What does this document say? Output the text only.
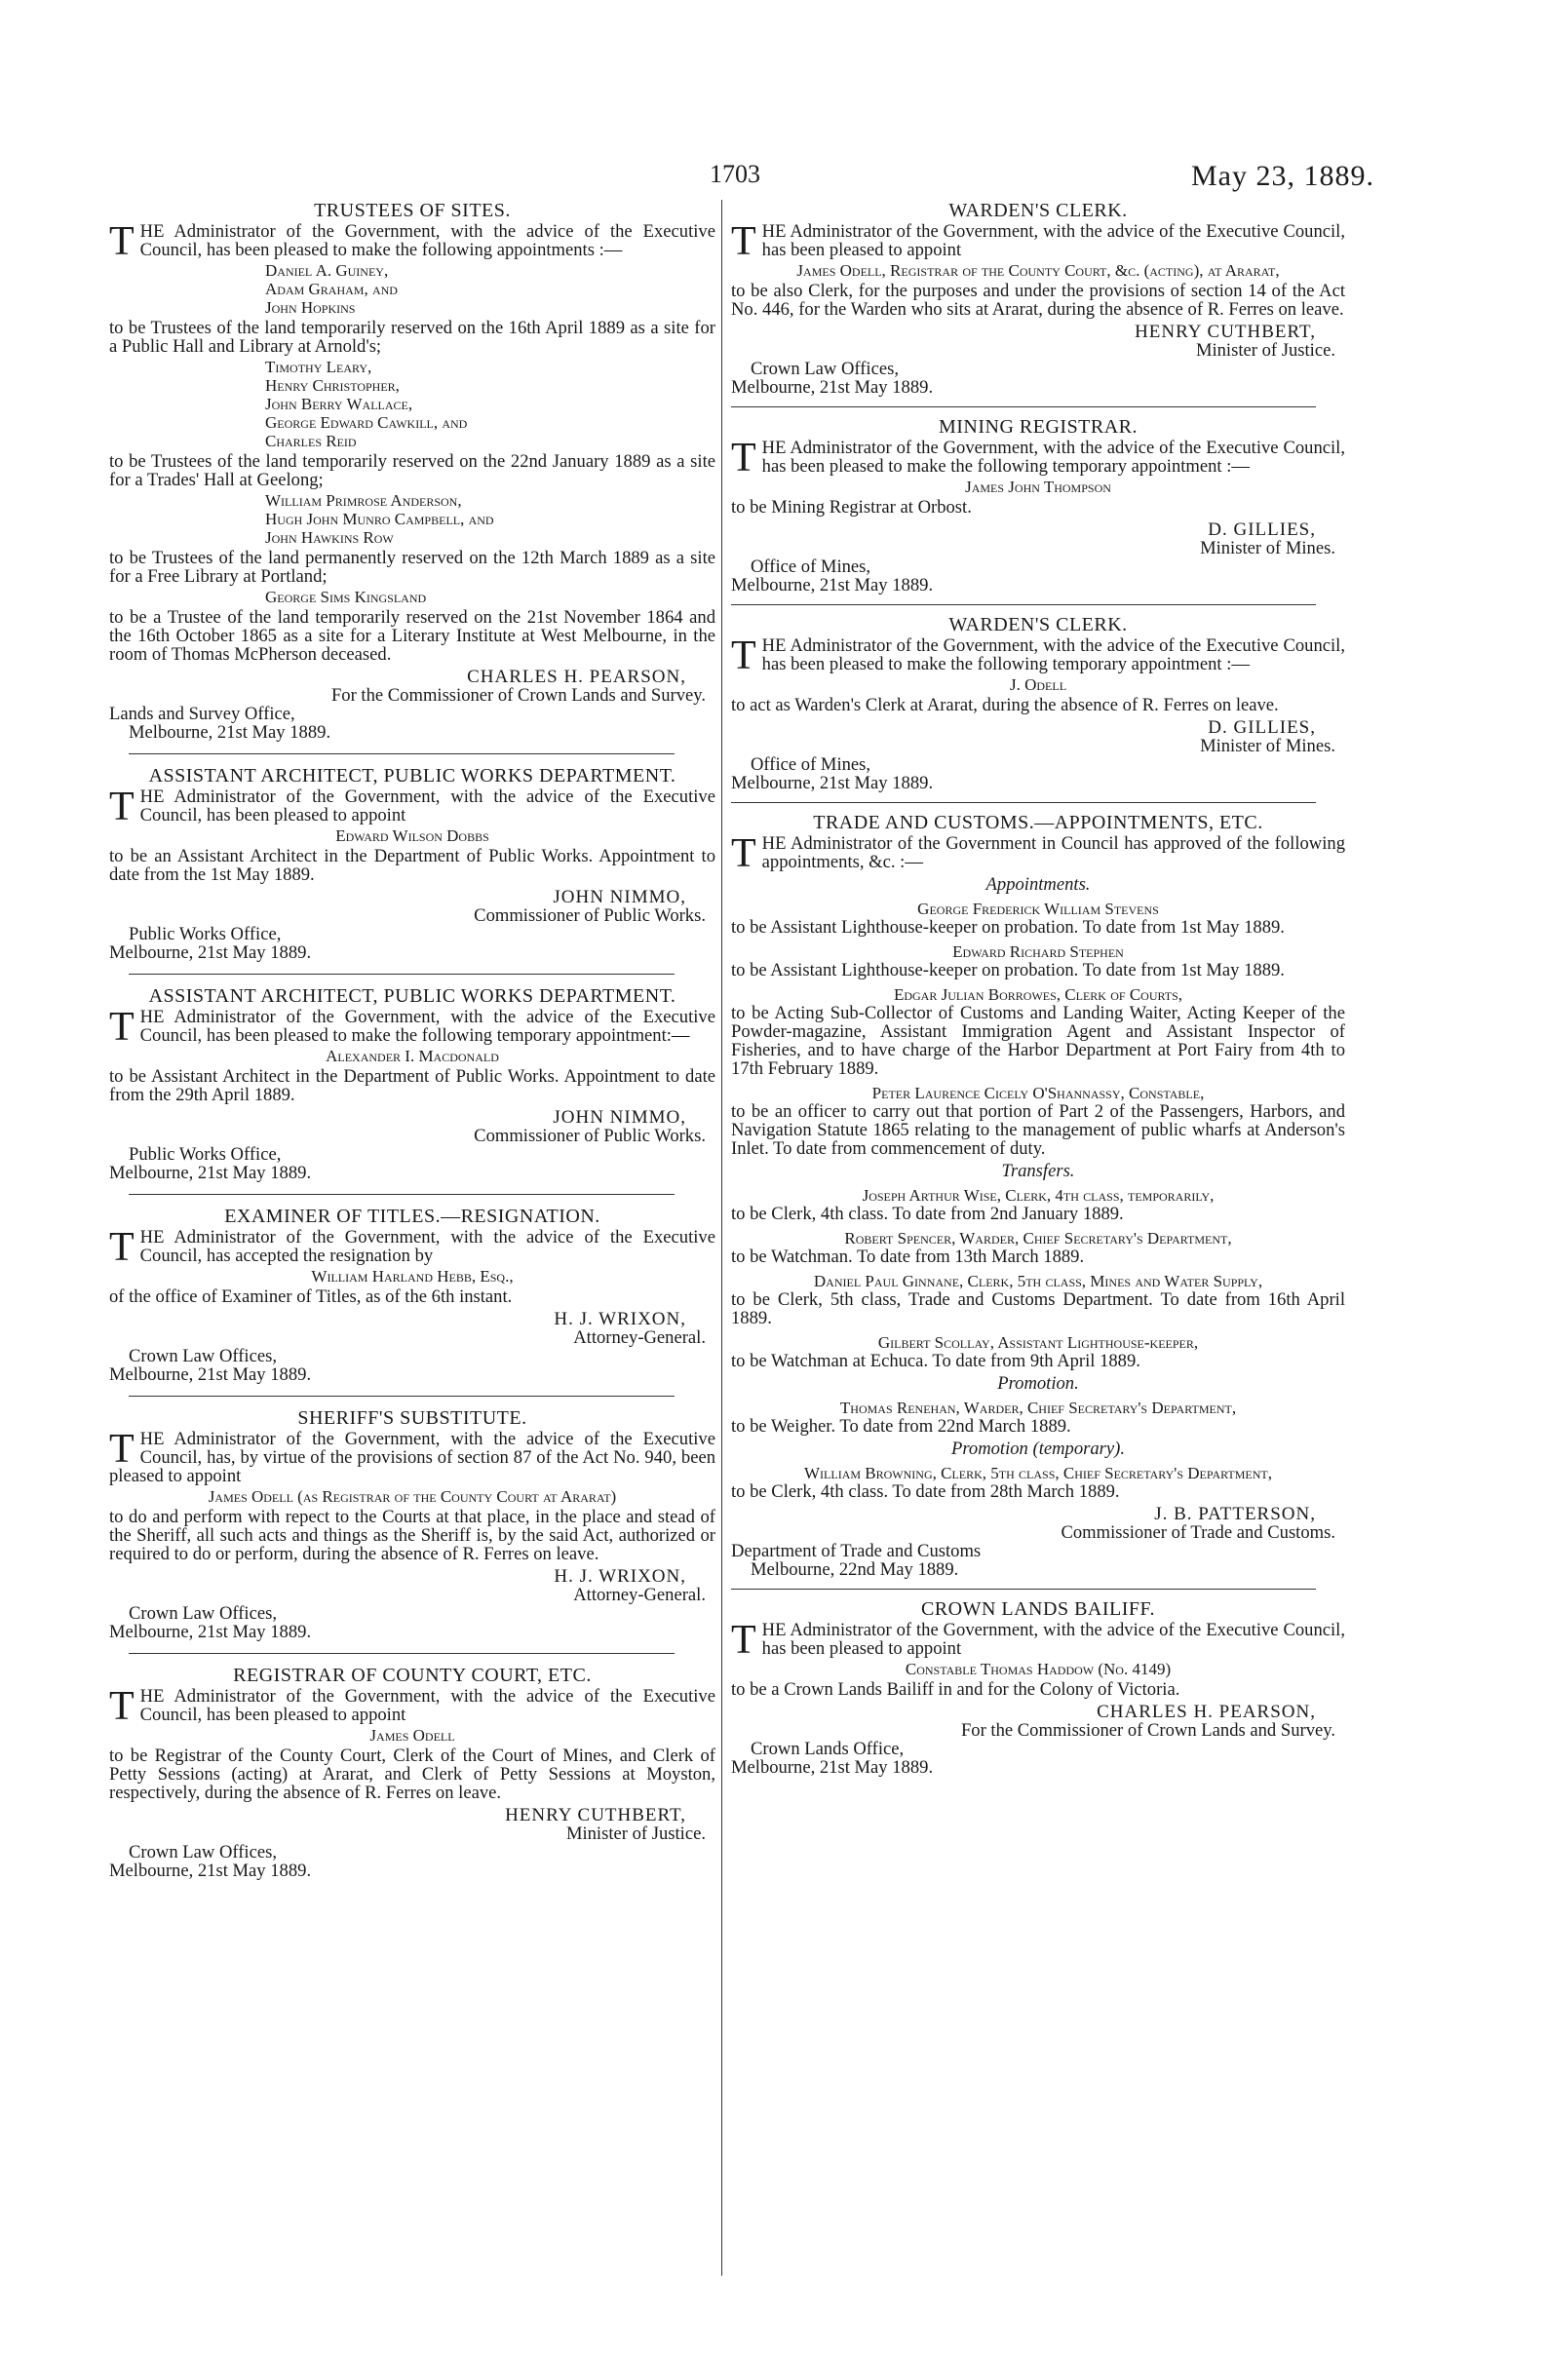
1703	May 23, 1889.
TRUSTEES OF SITES.
THE Administrator of the Government, with the advice of the Executive Council, has been pleased to make the following appointments :—
Daniel A. Guiney,
Adam Graham, and
John Hopkins
to be Trustees of the land temporarily reserved on the 16th April 1889 as a site for a Public Hall and Library at Arnold's;
Timothy Leary,
Henry Christopher,
John Berry Wallace,
George Edward Cawkill, and
Charles Reid
to be Trustees of the land temporarily reserved on the 22nd January 1889 as a site for a Trades' Hall at Geelong;
William Primrose Anderson,
Hugh John Munro Campbell, and
John Hawkins Row
to be Trustees of the land permanently reserved on the 12th March 1889 as a site for a Free Library at Portland;
George Sims Kingsland
to be a Trustee of the land temporarily reserved on the 21st November 1864 and the 16th October 1865 as a site for a Literary Institute at West Melbourne, in the room of Thomas McPherson deceased.
CHARLES H. PEARSON,
For the Commissioner of Crown Lands and Survey.
Lands and Survey Office,
Melbourne, 21st May 1889.
ASSISTANT ARCHITECT, PUBLIC WORKS DEPARTMENT.
THE Administrator of the Government, with the advice of the Executive Council, has been pleased to appoint
Edward Wilson Dobbs
to be an Assistant Architect in the Department of Public Works. Appointment to date from the 1st May 1889.
JOHN NIMMO,
Commissioner of Public Works.
Public Works Office,
Melbourne, 21st May 1889.
ASSISTANT ARCHITECT, PUBLIC WORKS DEPARTMENT.
THE Administrator of the Government, with the advice of the Executive Council, has been pleased to make the following temporary appointment:—
Alexander I. Macdonald
to be Assistant Architect in the Department of Public Works. Appointment to date from the 29th April 1889.
JOHN NIMMO,
Commissioner of Public Works.
Public Works Office,
Melbourne, 21st May 1889.
EXAMINER OF TITLES.—RESIGNATION.
THE Administrator of the Government, with the advice of the Executive Council, has accepted the resignation by
William Harland Hebb, Esq.,
of the office of Examiner of Titles, as of the 6th instant.
H. J. WRIXON,
Attorney-General.
Crown Law Offices,
Melbourne, 21st May 1889.
SHERIFF'S SUBSTITUTE.
THE Administrator of the Government, with the advice of the Executive Council, has, by virtue of the provisions of section 87 of the Act No. 940, been pleased to appoint
James Odell (as Registrar of the County Court at Ararat)
to do and perform with repect to the Courts at that place, in the place and stead of the Sheriff, all such acts and things as the Sheriff is, by the said Act, authorized or required to do or perform, during the absence of R. Ferres on leave.
H. J. WRIXON,
Attorney-General.
Crown Law Offices,
Melbourne, 21st May 1889.
REGISTRAR OF COUNTY COURT, ETC.
THE Administrator of the Government, with the advice of the Executive Council, has been pleased to appoint
James Odell
to be Registrar of the County Court, Clerk of the Court of Mines, and Clerk of Petty Sessions (acting) at Ararat, and Clerk of Petty Sessions at Moyston, respectively, during the absence of R. Ferres on leave.
HENRY CUTHBERT,
Minister of Justice.
Crown Law Offices,
Melbourne, 21st May 1889.
WARDEN'S CLERK.
THE Administrator of the Government, with the advice of the Executive Council, has been pleased to appoint
James Odell, Registrar of the County Court, &c. (acting), at Ararat,
to be also Clerk, for the purposes and under the provisions of section 14 of the Act No. 446, for the Warden who sits at Ararat, during the absence of R. Ferres on leave.
HENRY CUTHBERT,
Minister of Justice.
Crown Law Offices,
Melbourne, 21st May 1889.
MINING REGISTRAR.
THE Administrator of the Government, with the advice of the Executive Council, has been pleased to make the following temporary appointment :—
James John Thompson
to be Mining Registrar at Orbost.
D. GILLIES,
Minister of Mines.
Office of Mines,
Melbourne, 21st May 1889.
WARDEN'S CLERK.
THE Administrator of the Government, with the advice of the Executive Council, has been pleased to make the following temporary appointment :—
J. Odell
to act as Warden's Clerk at Ararat, during the absence of R. Ferres on leave.
D. GILLIES,
Minister of Mines.
Office of Mines,
Melbourne, 21st May 1889.
TRADE AND CUSTOMS.—APPOINTMENTS, ETC.
THE Administrator of the Government in Council has approved of the following appointments, &c. :—
Appointments.
George Frederick William Stevens
to be Assistant Lighthouse-keeper on probation. To date from 1st May 1889.
Edward Richard Stephen
to be Assistant Lighthouse-keeper on probation. To date from 1st May 1889.
Edgar Julian Borrowes, Clerk of Courts,
to be Acting Sub-Collector of Customs and Landing Waiter, Acting Keeper of the Powder-magazine, Assistant Immigration Agent and Assistant Inspector of Fisheries, and to have charge of the Harbor Department at Port Fairy from 4th to 17th February 1889.
Peter Laurence Cicely O'Shannassy, Constable,
to be an officer to carry out that portion of Part 2 of the Passengers, Harbors, and Navigation Statute 1865 relating to the management of public wharfs at Anderson's Inlet. To date from commencement of duty.
Transfers.
Joseph Arthur Wise, Clerk, 4th class, temporarily,
to be Clerk, 4th class. To date from 2nd January 1889.
Robert Spencer, Warder, Chief Secretary's Department,
to be Watchman. To date from 13th March 1889.
Daniel Paul Ginnane, Clerk, 5th class, Mines and Water Supply,
to be Clerk, 5th class, Trade and Customs Department. To date from 16th April 1889.
Gilbert Scollay, Assistant Lighthouse-keeper,
to be Watchman at Echuca. To date from 9th April 1889.
Promotion.
Thomas Renehan, Warder, Chief Secretary's Department,
to be Weigher. To date from 22nd March 1889.
Promotion (temporary).
William Browning, Clerk, 5th class, Chief Secretary's Department,
to be Clerk, 4th class. To date from 28th March 1889.
J. B. PATTERSON,
Commissioner of Trade and Customs.
Department of Trade and Customs
Melbourne, 22nd May 1889.
CROWN LANDS BAILIFF.
THE Administrator of the Government, with the advice of the Executive Council, has been pleased to appoint
Constable Thomas Haddow (No. 4149)
to be a Crown Lands Bailiff in and for the Colony of Victoria.
CHARLES H. PEARSON,
For the Commissioner of Crown Lands and Survey.
Crown Lands Office,
Melbourne, 21st May 1889.
